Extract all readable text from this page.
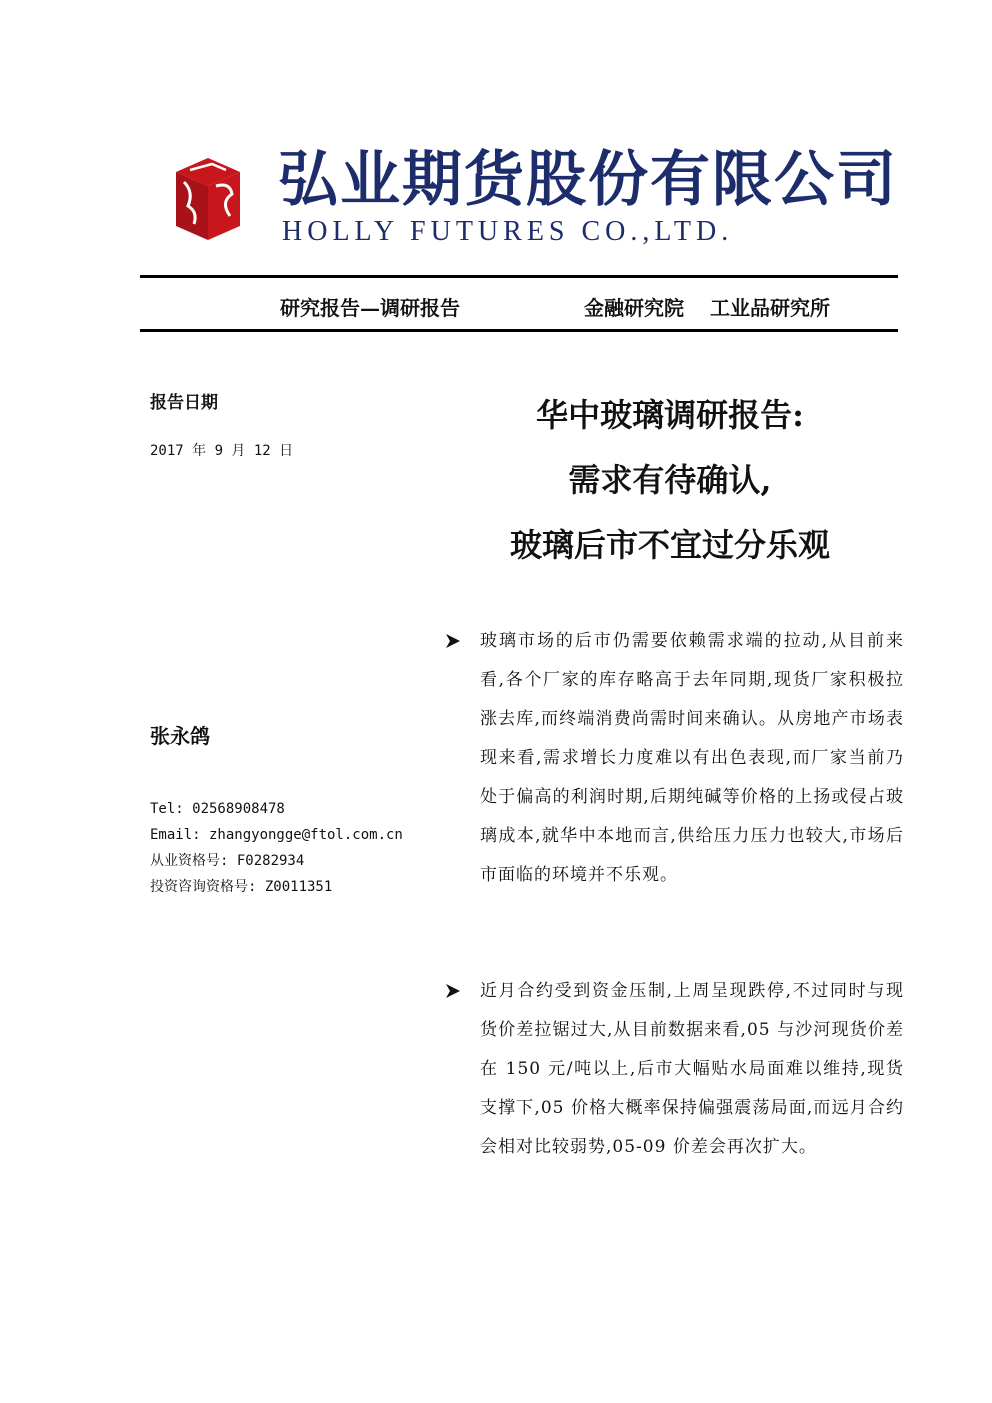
弘业期货股份有限公司
HOLLY FUTURES CO.,LTD.
研究报告—调研报告	金融研究院 工业品研究所
报告日期
2017 年 9 月 12 日
华中玻璃调研报告:
需求有待确认,
玻璃后市不宜过分乐观
张永鸽
Tel: 02568908478
Email: zhangyongge@ftol.com.cn
从业资格号: F0282934
投资咨询资格号: Z0011351
玻璃市场的后市仍需要依赖需求端的拉动,从目前来看,各个厂家的库存略高于去年同期,现货厂家积极拉涨去库,而终端消费尚需时间来确认。从房地产市场表现来看,需求增长力度难以有出色表现,而厂家当前乃处于偏高的利润时期,后期纯碱等价格的上扬或侵占玻璃成本,就华中本地而言,供给压力压力也较大,市场后市面临的环境并不乐观。
近月合约受到资金压制,上周呈现跌停,不过同时与现货价差拉锯过大,从目前数据来看,05 与沙河现货价差在 150 元/吨以上,后市大幅贴水局面难以维持,现货支撑下,05 价格大概率保持偏强震荡局面,而远月合约会相对比较弱势,05-09 价差会再次扩大。
